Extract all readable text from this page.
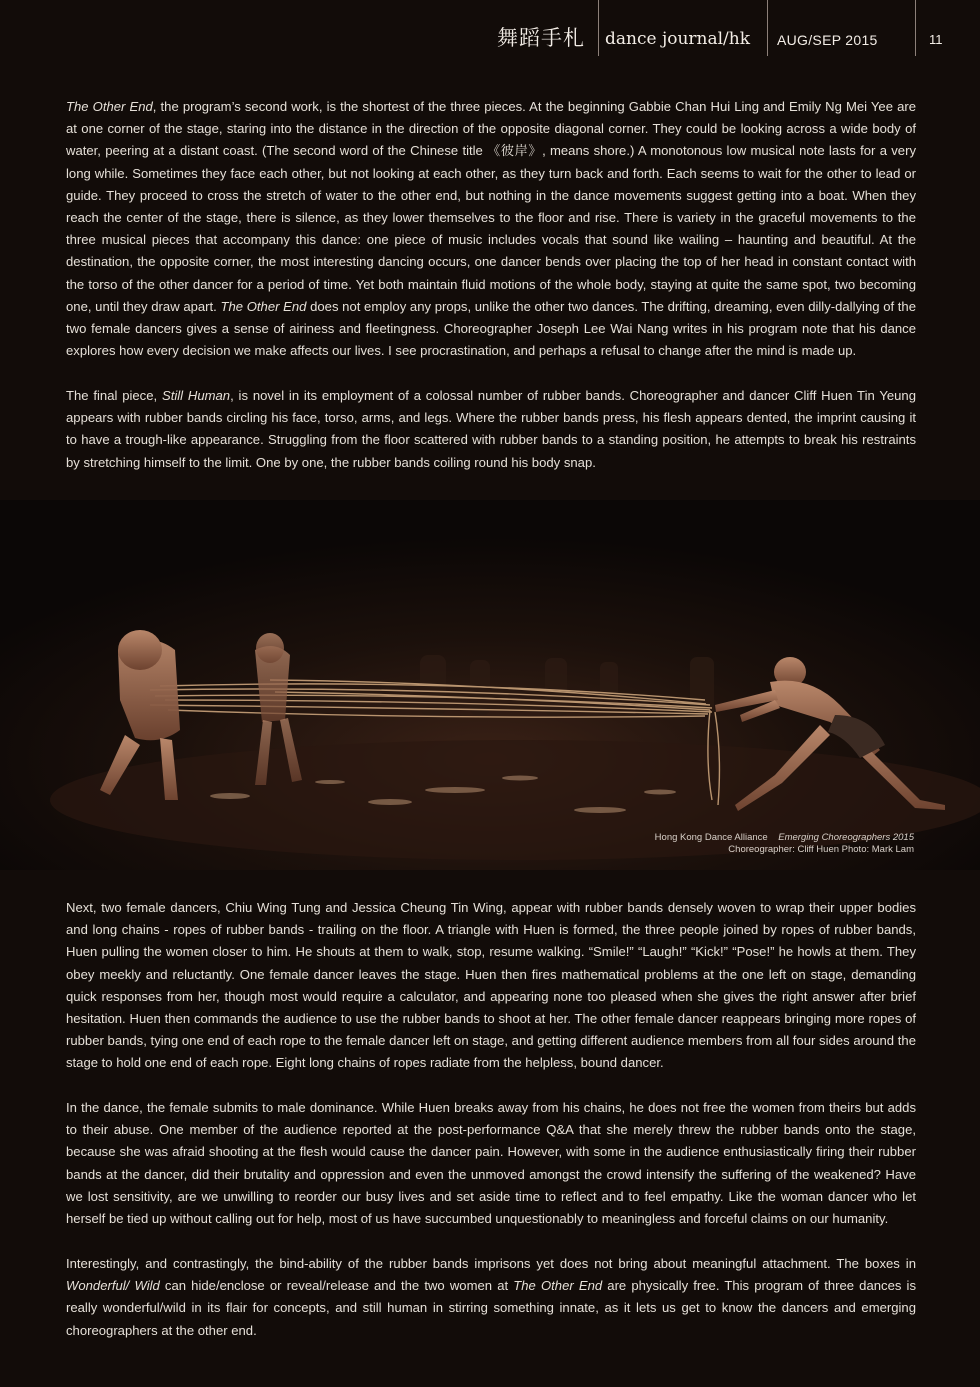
舞蹈手札 dance journal/hk AUG/SEP 2015	11

The Other End, the program’s second work, is the shortest of the three pieces. At the beginning Gabbie Chan Hui Ling and Emily Ng Mei Yee are at one corner of the stage, staring into the distance in the direction of the opposite diagonal corner. They could be looking across a wide body of water, peering at a distant coast. (The second word of the Chinese title 《彼岸》, means shore.) A monotonous low musical note lasts for a very long while. Sometimes they face each other, but not looking at each other, as they turn back and forth. Each seems to wait for the other to lead or guide. They proceed to cross the stretch of water to the other end, but nothing in the dance movements suggest getting into a boat. When they reach the center of the stage, there is silence, as they lower themselves to the floor and rise. There is variety in the graceful movements to the three musical pieces that accompany this dance: one piece of music includes vocals that sound like wailing – haunting and beautiful. At the destination, the opposite corner, the most interesting dancing occurs, one dancer bends over placing the top of her head in constant contact with the torso of the other dancer for a period of time. Yet both maintain fluid motions of the whole body, staying at quite the same spot, two becoming one, until they draw apart. The Other End does not employ any props, unlike the other two dances. The drifting, dreaming, even dilly-dallying of the two female dancers gives a sense of airiness and fleetingness. Choreographer Joseph Lee Wai Nang writes in his program note that his dance explores how every decision we make affects our lives. I see procrastination, and perhaps a refusal to change after the mind is made up.

The final piece, Still Human, is novel in its employment of a colossal number of rubber bands. Choreographer and dancer Cliff Huen Tin Yeung appears with rubber bands circling his face, torso, arms, and legs. Where the rubber bands press, his flesh appears dented, the imprint causing it to have a trough-like appearance. Struggling from the floor scattered with rubber bands to a standing position, he attempts to break his restraints by stretching himself to the limit. One by one, the rubber bands coiling round his body snap.

Hong Kong Dance Alliance Emerging Choreographers 2015
Choreographer: Cliff Huen Photo: Mark Lam

Next, two female dancers, Chiu Wing Tung and Jessica Cheung Tin Wing, appear with rubber bands densely woven to wrap their upper bodies and long chains - ropes of rubber bands - trailing on the floor. A triangle with Huen is formed, the three people joined by ropes of rubber bands, Huen pulling the women closer to him. He shouts at them to walk, stop, resume walking. “Smile!” “Laugh!” “Kick!” “Pose!” he howls at them. They obey meekly and reluctantly. One female dancer leaves the stage. Huen then fires mathematical problems at the one left on stage, demanding quick responses from her, though most would require a calculator, and appearing none too pleased when she gives the right answer after brief hesitation. Huen then commands the audience to use the rubber bands to shoot at her. The other female dancer reappears bringing more ropes of rubber bands, tying one end of each rope to the female dancer left on stage, and getting different audience members from all four sides around the stage to hold one end of each rope. Eight long chains of ropes radiate from the helpless, bound dancer.

In the dance, the female submits to male dominance. While Huen breaks away from his chains, he does not free the women from theirs but adds to their abuse. One member of the audience reported at the post-performance Q&A that she merely threw the rubber bands onto the stage, because she was afraid shooting at the flesh would cause the dancer pain. However, with some in the audience enthusiastically firing their rubber bands at the dancer, did their brutality and oppression and even the unmoved amongst the crowd intensify the suffering of the weakened? Have we lost sensitivity, are we unwilling to reorder our busy lives and set aside time to reflect and to feel empathy. Like the woman dancer who let herself be tied up without calling out for help, most of us have succumbed unquestionably to meaningless and forceful claims on our humanity.

Interestingly, and contrastingly, the bind-ability of the rubber bands imprisons yet does not bring about meaningful attachment. The boxes in Wonderful/ Wild can hide/enclose or reveal/release and the two women at The Other End are physically free. This program of three dances is really wonderful/wild in its flair for concepts, and still human in stirring something innate, as it lets us get to know the dancers and emerging choreographers at the other end.
